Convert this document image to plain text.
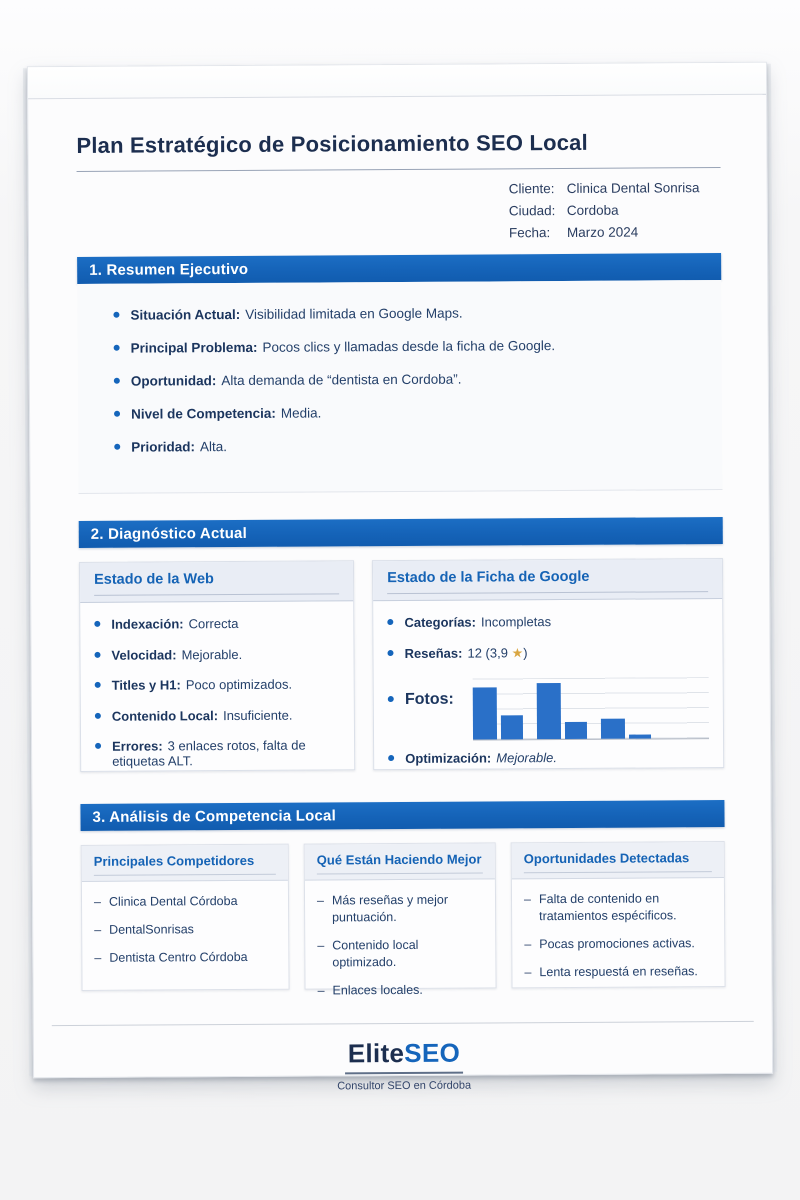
Plan Estratégico de Posicionamiento SEO Local
Cliente: Clinica Dental Sonrisa
Ciudad: Cordoba
Fecha:	Marzo 2024
1. Resumen Ejecutivo
Situación Actual: Visibilidad limitada en Google Maps.
Principal Problema: Pocos clics y llamadas desde la ficha de Google.
Oportunidad: Alta demanda de “dentista en Cordoba”.
Nivel de Competencia: Media.
Prioridad: Alta.
2. Diagnóstico Actual
Estado de la Web
Indexación: Correcta
Velocidad: Mejorable.
Titles y H1: Poco optimizados.
Contenido Local: Insuficiente.
Errores: 3 enlaces rotos, falta de etiquetas ALT.
Estado de la Ficha de Google
Categorías: Incompletas
Reseñas: 12 (3,9 ★)
Fotos:
Optimización: Mejorable.
3. Análisis de Competencia Local
Principales Competidores
– Clinica Dental Córdoba
– DentalSonrisas
– Dentista Centro Córdoba
Qué Están Haciendo Mejor
– Más reseñas y mejor puntuación.
– Contenido local optimizado.
– Enlaces locales.
Oportunidades Detectadas
– Falta de contenido en tratamientos espécificos.
– Pocas promociones activas.
– Lenta respuestá en reseñas.
EliteSEO
Consultor SEO en Córdoba
